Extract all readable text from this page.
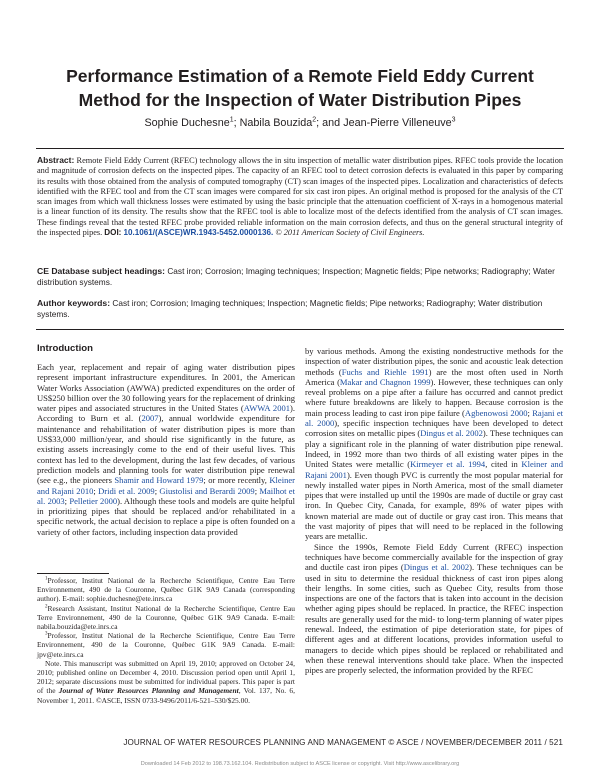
Performance Estimation of a Remote Field Eddy Current
Method for the Inspection of Water Distribution Pipes
Sophie Duchesne$^1$; Nabila Bouzida$^2$; and Jean-Pierre Villeneuve$^3$
Abstract: Remote Field Eddy Current (RFEC) technology allows the in situ inspection of metallic water distribution pipes. RFEC tools provide the location and magnitude of corrosion defects on the inspected pipes. The capacity of an RFEC tool to detect corrosion defects is evaluated in this paper by comparing its results with those obtained from the analysis of computed tomography (CT) scan images of the inspected pipes. Localization and characteristics of defects identified with the RFEC tool and from the CT scan images were compared for six cast iron pipes. An original method is proposed for the analysis of the CT scan images from which wall thickness losses were estimated by using the basic principle that the attenuation coefficient of X-rays in a homogenous material is a linear function of its density. The results show that the RFEC tool is able to localize most of the defects identified from the analysis of CT scan images. These findings reveal that the tested RFEC probe provided reliable information on the main corrosion defects, and thus on the general structural integrity of the inspected pipes. DOI: 10.1061/(ASCE)WR.1943-5452.0000136. © 2011 American Society of Civil Engineers.
CE Database subject headings: Cast iron; Corrosion; Imaging techniques; Inspection; Magnetic fields; Pipe networks; Radiography; Water distribution systems.
Author keywords: Cast iron; Corrosion; Imaging techniques; Inspection; Magnetic fields; Pipe networks; Radiography; Water distribution systems.
Introduction

Each year, replacement and repair of aging water distribution pipes represent important infrastructure expenditures. In 2001, the American Water Works Association (AWWA) predicted expenditures on the order of US$250 billion over the 30 following years for the replacement of drinking water pipes and associated structures in the United States (AWWA 2001). According to Burn et al. (2007), annual worldwide expenditure for maintenance and rehabilitation of water distribution pipes is more than US$33,000 million/year, and should rise significantly in the future, as existing assets increasingly come to the end of their useful lives. This context has led to the development, during the last few decades, of various prediction models and planning tools for water distribution pipe renewal (see e.g., the pioneers Shamir and Howard 1979; or more recently, Kleiner and Rajani 2010; Dridi et al. 2009; Giustolisi and Berardi 2009; Mailhot et al. 2003; Pelletier 2000). Although these tools and models are quite helpful in prioritizing pipes that should be replaced and/or rehabilitated in a specific network, the actual decision to replace a pipe is often founded on a variety of other factors, including inspection data provided

by various methods. Among the existing nondestructive methods for the inspection of water distribution pipes, the sonic and acoustic leak detection methods (Fuchs and Riehle 1991) are the most often used in North America (Makar and Chagnon 1999). However, these techniques can only reveal problems on a pipe after a failure has occurred and cannot predict where future breakdowns are likely to happen. Because corrosion is the main process leading to cast iron pipe failure (Agbenowosi 2000; Rajani et al. 2000), specific inspection techniques have been developed to detect corrosion sites on metallic pipes (Dingus et al. 2002). These techniques can play a significant role in the planning of water distribution pipe renewal. Indeed, in 1992 more than two thirds of all existing water pipes in the United States were metallic (Kirmeyer et al. 1994, cited in Kleiner and Rajani 2001). Even though PVC is currently the most popular material for newly installed water pipes in North America, most of the small diameter pipes that were installed up until the 1990s are made of ductile or gray cast iron. In Quebec City, Canada, for example, 89% of water pipes with known material are made out of ductile or gray cast iron. This means that the vast majority of pipes that will need to be replaced in the following years are metallic.

Since the 1990s, Remote Field Eddy Current (RFEC) inspection techniques have become commercially available for the inspection of gray and ductile cast iron pipes (Dingus et al. 2002). These techniques can be used in situ to determine the residual thickness of cast iron pipes along their lengths. In some cities, such as Quebec City, results from those inspections are one of the factors that is taken into account in the decision whether aging pipes should be replaced. In practice, the RFEC inspection results are generally used for the mid- to long-term planning of water pipes renewal. Indeed, the estimation of pipe deterioration state, for pipes of different ages and at different locations, provides information useful to managers to decide which pipes should be replaced or rehabilitated and when these renewal interventions should take place. When the inspected pipes are properly selected, the information provided by the RFEC

$^1$Professor, Institut National de la Recherche Scientifique, Centre Eau Terre Environnement, 490 de la Couronne, Québec G1K 9A9 Canada (corresponding author). E-mail: sophie.duchesne@ete.inrs.ca

$^2$Research Assistant, Institut National de la Recherche Scientifique, Centre Eau Terre Environnement, 490 de la Couronne, Québec G1K 9A9 Canada. E-mail: nabila.bouzida@ete.inrs.ca

$^3$Professor, Institut National de la Recherche Scientifique, Centre Eau Terre Environnement, 490 de la Couronne, Québec G1K 9A9 Canada. E-mail: jpv@ete.inrs.ca

Note. This manuscript was submitted on April 19, 2010; approved on October 24, 2010; published online on December 4, 2010. Discussion period open until April 1, 2012; separate discussions must be submitted for individual papers. This paper is part of the Journal of Water Resources Planning and Management, Vol. 137, No. 6, November 1, 2011. ©ASCE, ISSN 0733-9496/2011/6-521–530/$25.00.

JOURNAL OF WATER RESOURCES PLANNING AND MANAGEMENT © ASCE / NOVEMBER/DECEMBER 2011 / 521
Downloaded 14 Feb 2012 to 198.73.162.104. Redistribution subject to ASCE license or copyright. Visit http://www.ascelibrary.org
